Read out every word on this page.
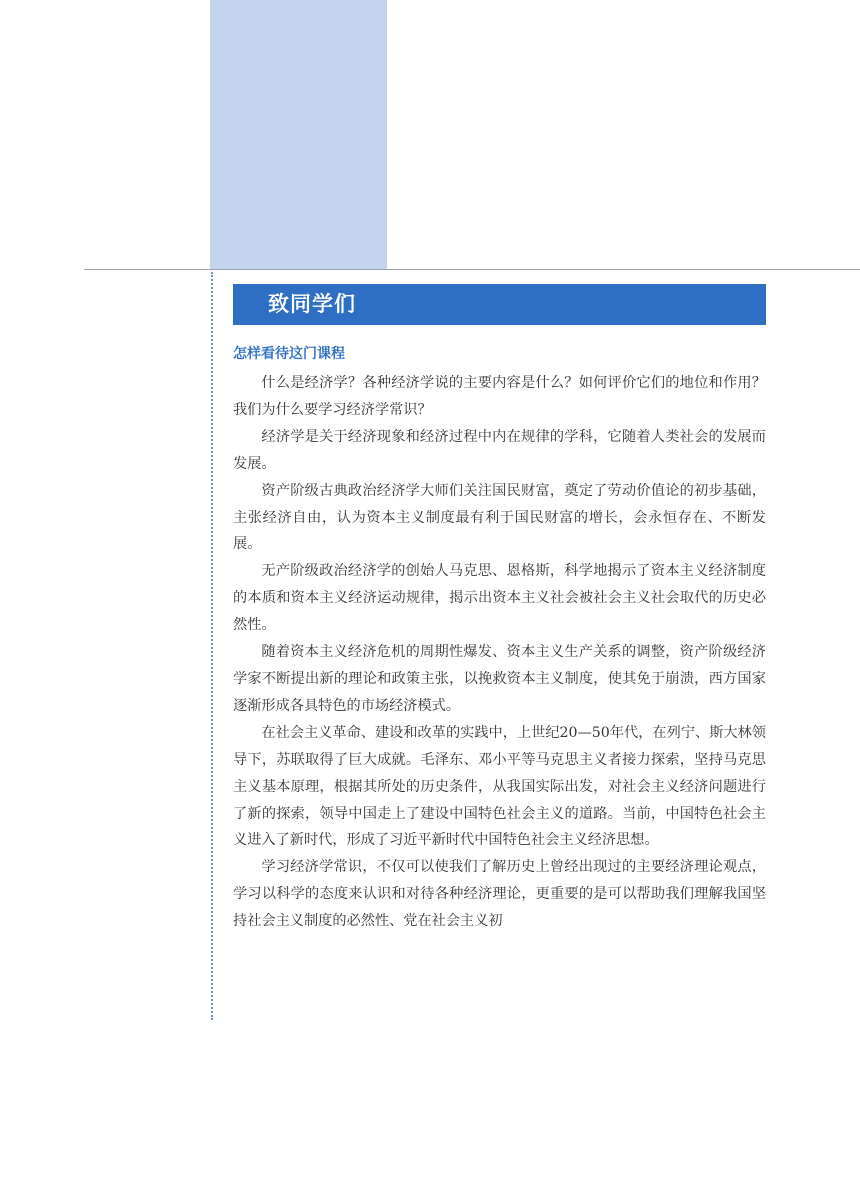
致同学们
怎样看待这门课程

什么是经济学？各种经济学说的主要内容是什么？如何评价它们的地位和作用？我们为什么要学习经济学常识？

经济学是关于经济现象和经济过程中内在规律的学科，它随着人类社会的发展而发展。

资产阶级古典政治经济学大师们关注国民财富，奠定了劳动价值论的初步基础，主张经济自由，认为资本主义制度最有利于国民财富的增长，会永恒存在、不断发展。

无产阶级政治经济学的创始人马克思、恩格斯，科学地揭示了资本主义经济制度的本质和资本主义经济运动规律，揭示出资本主义社会被社会主义社会取代的历史必然性。

随着资本主义经济危机的周期性爆发、资本主义生产关系的调整，资产阶级经济学家不断提出新的理论和政策主张，以挽救资本主义制度，使其免于崩溃，西方国家逐渐形成各具特色的市场经济模式。

在社会主义革命、建设和改革的实践中，上世纪20—50年代，在列宁、斯大林领导下，苏联取得了巨大成就。毛泽东、邓小平等马克思主义者接力探索，坚持马克思主义基本原理，根据其所处的历史条件，从我国实际出发，对社会主义经济问题进行了新的探索，领导中国走上了建设中国特色社会主义的道路。当前，中国特色社会主义进入了新时代，形成了习近平新时代中国特色社会主义经济思想。

学习经济学常识，不仅可以使我们了解历史上曾经出现过的主要经济理论观点，学习以科学的态度来认识和对待各种经济理论，更重要的是可以帮助我们理解我国坚持社会主义制度的必然性、党在社会主义初
